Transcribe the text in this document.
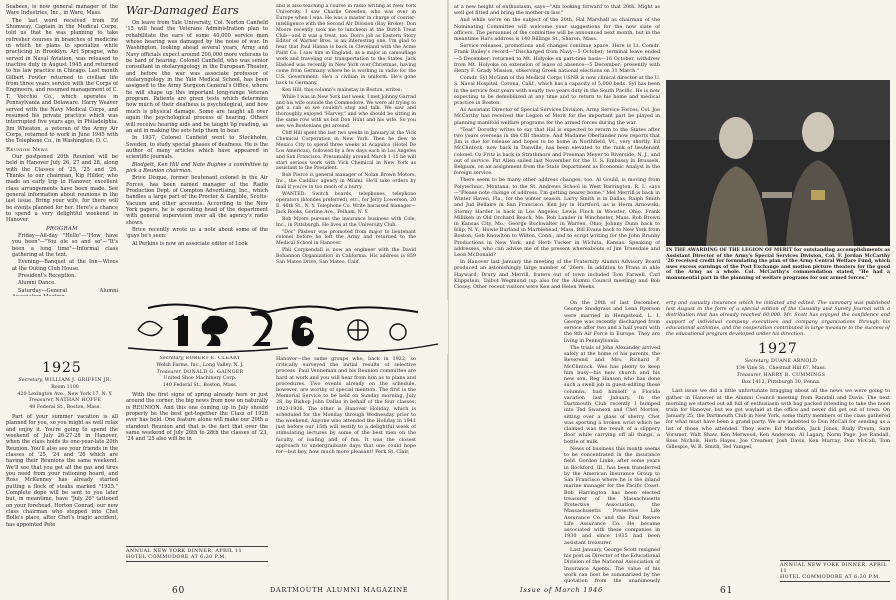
Seabees, is now general manager of the Ware Industries, Inc., in Ware, Mass.

The last word received from Ed Shumway, Captain in the Medical Corps, told us that he was planning to take refresher courses in branches of medicine in which he plans to specialize while practicing in Brooklyn. Art Sprague, who served in Naval Aviation, was released to inactive duty in August 1945 and returned to his law practice in Chicago. Last month Gilbert Fowler returned to civilian life from three years service with the Corps of Engineers, and resumed management of C. T. Vocchio Co., which operates in Pennsylvania and Delaware. Harry Weaver served with the Navy Medical Corps, and resumed his private practice which was interrupted five years ago, in Philadelphia. Jim Wheaton, a veteran of the Army Air Corps, returned to work in June 1945 with the Telephone Co., in Washington, D. C.

Reunion News

Our postponed 20th Reunion will be held in Hanover July 26, 27 and 28, along with the Classes of '25, '25 and '26. Thanks to our chairman, Kip Hilder, who made an early trip to Hanover, excellent class arrangements have been made. See general information about reunions in the last issue. Bring your wife, for there will be events planned for her. Here's a chance to spend a very delightful weekend in Hanover.

PROGRAM

Friday—All-day "Hello"—"How have you been"—"You ole so and so"—"It's been a long time"—Informal class gathering at the tent.

Evening—Banquet at the Inn—Wives at the Outing Club House.

President's Reception.

Alumni Dance.

Saturday—General Alumni

War-Damaged Ears

On leave from Yale University, Col. Norton Canfield '15 will head the Veterans Administration plan to rehabilitate the ears of some 40,000 service men whose hearing was damaged by the noise of war. In Washington, looking ahead several years, Army and Navy officials expect around 200,000 more veterans to be hard of hearing. Colonel Canfield, who was senior consultant in otolaryngology in the European Theater, and before the war was associate professor of otolaryngology in the Yale Medical School, has been assigned to the Army Surgeon General's Office, where he will shape up this important long-range Veteran program. Patients are given tests which determine how much of their deafness is psychological, and how much is physical damage. Some are taught all over again the psychological process of hearing. Others will receive hearing aids and be taught lip reading, as an aid in making the sets help them to hear.

In 1937, Colonel Canfield went to Stockholm, Sweden, to study special phases of deafness. He is the author of many articles which have appeared in scientific journals.

Blodgett, Ken Hill and Nate Bughee a committee to pick a Reunion chairman.

Brice Disque, former lieutenant colonel in the Air Forces, has been named manager of the Radio Production Dept. of Compton Advertising, Inc., which handles a large part of the Procter & Gamble, Scotts-Vacuum and other accounts. According to the New York papers, he is operating head of the department with general supervision over all the agency's radio shows.

Brice recently wrote us a note about some of the 'guys he's seen:

Al Perkins is now an associate editor of Look

and is also teaching a course in radio writing at New York University. I saw Charlie Greeden, who was over in Europe when I was. He was a master in charge of courier-intelligence with the Second Air Division (Bay Broke). Don Moore recently took me to luncheon at the Dutch Treat Club—and it was a treat, too. Don's job as Eastern Story Editor of Warner Bros. is an interesting one. I'm glad to hear that Paul Hanna is back in Cleveland with the Acme Paint Co. I saw him in England, as a major in camouflage work and traveling our transportation to the States. Jack Hadoed was recently in New York over Christmas, having come from Germany where he is working in radio for the U.S. Government. He's a civilian in uniform. He's gone back to Germany.

Ken Hill, this column's mainstay in Boston, writes:

While I was in New York last week, I met Johnny Garrad and his wife outside the Commodore. We were all trying to get a cab so we couldn't stop and talk. We saw and thoroughly enjoyed "Harvey," and who should be sitting in the same row with us but Don Hunt and his wife. So you see, we Bostonians get around.

Cliff Hill spent the last two weeks in January at the Vick Chemical Corporation in New York. Then he flew to Mexico City to spend three weeks at Acapulco (Hotel De Los Americas), followed by a few days each in Los Angeles and San Francisco. Presumably around March 1-15 he will start serious work with Vick Chemical in New York as assistant to the President.

Bob Pierce is general manager of Nolan Brown Motors, Inc., the Cadillac agency in Miami. He'll take orders by mail if you're in too much of a hurry.

WANTED: Switch boards, telephones, telephone operators (blondes preferred), etc., for Jerry Lowerson, 20 E. 46th St., N. Y. Telephone Co. Write harassed manager—Jack Rooks, Gorline Ave., Pelham, N. Y.

Bob Myers pursues the insurance business with Cole, Inc., in Pittsburgh. He lives at the University Club.

"Doc" Pasteur was promoted from major to lieutenant colonel before he left the Army and returned to the Medical School in Hanover.

Phil Corykendall is now an engineer with the David Bohannon Organization in California. His address is 859 San Mateo Drive, San Mateo, Calif.

1925

Secretary, WILLIAM J. GRIFFIN JR.

Room 1100

420 Lexington Ave., New York 17, N. Y.

Treasurer, NATHAN HOFFE

49 Federal St., Boston, Mass.

Part of your summer vacation is all planned for you, so you might as well relax and enjoy it. You're going to spend the weekend of July 26-27-28 in Hanover, when the class holds its one-year-late 20th Reunion. You'll also see your friends in the classes of '25, '24 and '26 which are having their Reunions the same weekend. We'll see that you get all the gas and tires you need from your rationing board, and Ross McKenney has already started putting a flock of steaks marked "1925." Complete dope will be sent to you later but, in meantime, have "July 26" tattooed on your forehead. Horton Conrad, our new class chairman who stepped into Chet Bolle's place, after Chet's tragic accident, has appointed Pete

Secretary, ROBERT E. CLEARY

Welsh Farms, Inc., Long Valley, N. J.

Treasurer, DONALD G. GAINGER

United Shoe Machinery Corp.

140 Federal St., Boston, Mass.

With the first signs of spring already here or just around the corner, the big news from now on naturally is REUNION. And this one coming up in July should properly be the best get-together the Class of 1926 ever has held. One feature alone will make our 20th a standout Reunion and that is the fact that over the same weekend of July 26th to 28th the classes of '23, '24 and '25 also will be in

Hanover—the same groups who, back in 1922, so critically surveyed the initial results of selective process. Paul Venneman and his Reunion committee are hard at work and you will hear from him as to plans and procedures. Two events already on the schedule, however, are worthy of special mention. The first is the Memorial Service to be held on Sunday morning, July 28, by Bishop John Dallas in behalf of the four classes, 1923-1926. The other is Hanover Holiday, which is scheduled for the Monday through Wednesday prior to the weekend. Anyone who attended the Holiday in 1941 just before our 15th will testify to a delightful week of stimulating lectures by some of the best men on the faculty, of loafing and of fun. It was the closest approach to undergraduate days that one could hope for—but boy, how much more pleasant! Perk St. Clair,

ANNUAL NEW YORK DINNER, APRIL 11
HOTEL COMMODORE AT 6:30 P.M.
60	DARTMOUTH ALUMNI MAGAZINE

at a new height of enthusiasm, says—"Am looking forward to that 20th. Might as well get fitted and bring the mother-in-law."

And while we're on the subject of the 20th, Hal Marshall as chairman of the Nominating Committee will welcome your suggestions for the new slate of officers. The personnel of the committee will be announced next month, but in the meantime Hal's address is 140 Billings St., Sharon, Mass.

Service releases, promotions and changes continue apace. Here is Lt. Comdr. Frank Bailey's record—"Discharged from Navy—5 October; terminal leave ended—5 December; returned to Mt. Holyoke on part-time basis—16 October, withdrew from Mt. Holyoke on extension of leave of absence—5 December; presently with Henry F. Grady Mission, observing Greek national elections on 31 March."

Comdr. Syl McGinn of the Medical Corps USNR is now clinical director at the U. S. Naval Hospital, Corona, Calif., which has a capacity of 5,000 beds. Syl has been in the service four years with nearly two years duty in the South Pacific. He is now expecting to be demobilized at any time and to return to his home and medical practice in Boston.

As Assistant Director of Special Services Division, Army Service Forces, Col. Joe McCarthy has received the Legion of Merit for the important part he played in planning manifold welfare programs for the armed forces during the war.

"Teat" Dorothy writes to say that Hal is expected to return to the States after two years overseas in the CBI theatre. And Madame Oberlander now reports that Jim is due for release and hopes to be home in Northfield, Vt., very shortly. Ed McClintock, now back in Danville, has been elevated to the rank of lieutenant colonel. Oz Fritz is back in Strathmore and Freeman Meyer to Riverside, N. J., and out of service. Pat Allen sailed last November for the U. S. Embassy in Brussels, Belgium, on an assignment from the State Department as Economic Analyst in the foreign service.

There seem to be many other address changes, too. Al Gould, is moving from Polytechnic, Montana, to the St. Andrews School in West Barrington, R. I., says—"Please note change of address. I'm getting nearer home." Mel Merrill is back in Winter Haven, Fla., for the winter season. Larry Smith is in Dallas, Ralph Smith and Jud Bellaire in San Francisco. Ken Joy in Hartford, as is Herm Arnowski; Stormy Harder is back in Los Angeles; Lewis Finch in Wooster, Ohio. Frank Milliken in Old Orchard Beach, Me. Bob Lander in Winchester, Mass. Bob Brown in Kansas City, Mo.; George Buchwalter in Warren, Ohio; Johnny Dunn back to Islip, N. Y.; Howie Burland in Marblehead, Mass. Bill Evans back to New York from Boston; Gob Knowlton to Wilton, Conn., and to script writing for the John Brunby Productions in New York, and Herb Tucker in Wichita, Kansas. Speaking of addresses, who can advise me of the present whereabouts of Jim Truesdale and Leon McDonald?

In Hanover last January the meeting of the Fraternity Alumni Advisory Board produced an astonishingly large number of '26ers. In addition to Frans in ahle Hayward, Drury and Merrill, fraters out of town included Tom Farwell, Carl Klippstein, Talbot Wegmund (up also for the Alumni Council meeting) and Bob Closey. Other recent visitors were Ken and Helen Weeks.

IN THE AWARDING OF THE LEGION OF MERIT for outstanding accomplishments as Assistant Director of the Army's Special Services Division, Col. F. Jordan McCarthy '26 received credit for formulating the plan of the Army Central Welfare Fund, which uses excess earnings of the Post Exchange and motion picture theaters for the good of the Army as a whole. Col. McCarthy's commendation stated, "He had a monumental part in the planning of welfare programs for our armed forces."

On the 29th of last December, George Snodgrass and Lena Ryerson were married in Hempstead, L. I. George was recently discharged from service after two and a half years with the 8th Air Force in Europe. They are living in Pennsylvania.

The trials of John Alexander arrived safely at the home of his parents, the Reverend and Mrs. Richard P. McClintock. Wes has plenty to keep him busy—his new church and his new son. Reg Hanson who has done such a swell job in guest-editing these columns, had himself a Florida vacation last January. In the Dartmouth Club recently I bumped into Ted Swanson and Chet Morton, sitting over a glass of sherry. Chet was sporting a broken wrist which he claimed was the result of a slippery floor while carrying off all things, a bottle of milk.

News of business this month seems to be concentrated in the insurance field. Gordon Linke, after some years in Rockford, Ill., has been transferred by the American Insurance Group to San Francisco where he is the inland marine manager for the Pacific Coast. Bob Harrington has been elected treasurer of the Massachusetts Protective Association, the Massachusetts Protective Life Assurance Co. and the Paul Revere Life Assurance Co. He became associated with these companies in 1930 and since 1935 had been assistant treasurer.

Last January, George Scott resigned his post as Director of the Educational Division of the National Association of Insurance Agents. The value of his work can best be summarized by the quotation from the unanimously

erty and casualty insurance which he initiated and edited. The summary was published last August in the form of a special edition of the Casualty and Surety Journal with a distribution that has already reached 60,000. Mr. Scott has enjoyed the confidence and support of individual company executives and company organizations through his educational activities, and the cooperation contributed in large measure to the success of the educational program developed under his direction.

1927

Secretary, DUANE ARNOLD

134 Vine St., Chestnut Hill 67, Mass.

Treasurer, HARRY B. CUMMINGS

Box 1412, Pittsburgh 30, Penna.

Last issue we did a little unfortunate bragging about all the news we were going to gather in Hanover at the Alumni Council meeting from Randall and Davis. The next morning we started out all full of enthusiasm with bag packed intending to take the noon train for Hanover, but we got waylaid at the office and never did get out of town. On January 25, the Dartmouth Club in New York, some thirty members of the class gathered for what must have been a grand party. We are indebted to Don McCall for sending us a list of those who attended. They were: Ed Marston, Jack Jones, Rudy Preum, Sam Vorsmer, Walt Shaw, Ken Merwood, Ken Anderson, Al Lagary, Norm Page, Joe Randall, Ross Nichols, Herb Hayes, Joe Creamer, Josh Davis, Ken Murray, Don McCall, Tom Gillespie, W. B. Smith, Ted Yampel,

ANNUAL NEW YORK DINNER, APRIL 11
HOTEL COMMODORE AT 6:30 P.M.
Issue of March 1946	61
